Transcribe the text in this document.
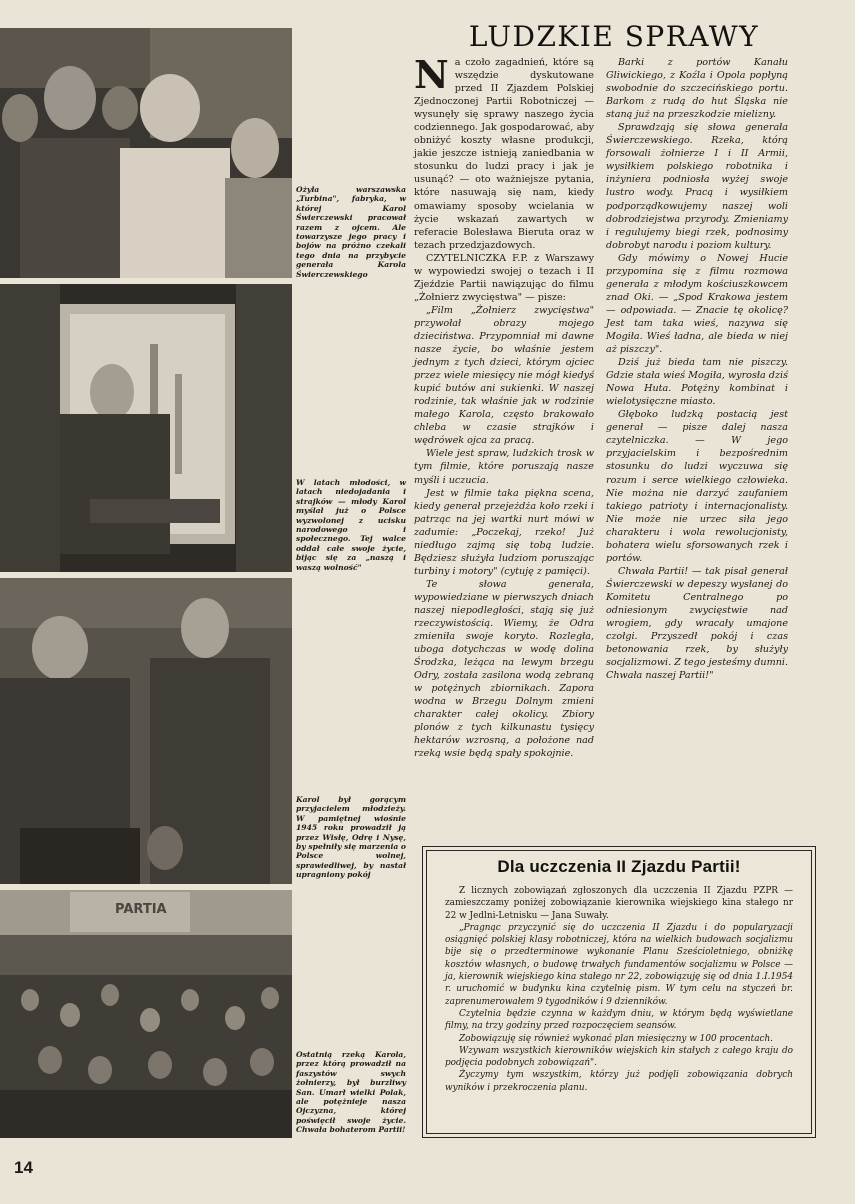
Ożyła warszawska „Turbina", fabryka, w której Karol Świerczewski pracował razem z ojcem. Ale towarzysze jego pracy i bojów na próżno czekali tego dnia na przybycie generała Karola Świerczewskiego

W latach młodości, w latach niedojadania i strajków — młody Karol myślał już o Polsce wyzwolonej z ucisku narodowego i społecznego. Tej walce oddał całe swoje życie, bijąc się za „naszą i waszą wolność"

Karol był gorącym przyjacielem młodzieży. W pamiętnej wiośnie 1945 roku prowadził ją przez Wisłę, Odrę i Nysę, by spełniły się marzenia o Polsce wolnej, sprawiedliwej, by nastał upragniony pokój

PARTIA

Ostatnią rzeką Karola, przez którą prowadził na faszystów swych żołnierzy, był burzliwy San. Umarł wielki Polak, ale potężnieje nasza Ojczyzna, której poświęcił swoje życie. Chwała bohaterom Partii!

LUDZKIE SPRAWY

Na czoło zagadnień, które są wszędzie dyskutowane przed II Zjazdem Polskiej Zjednoczonej Partii Robotniczej — wysunęły się sprawy naszego życia codziennego. Jak gospodarować, aby obniżyć koszty własne produkcji, jakie jeszcze istnieją zaniedbania w stosunku do ludzi pracy i jak je usunąć? — oto ważniejsze pytania, które nasuwają się nam, kiedy omawiamy sposoby wcielania w życie wskazań zawartych w referacie Bolesława Bieruta oraz w tezach przedzjazdowych.

CZYTELNICZKA F.P. z Warszawy w wypowiedzi swojej o tezach i II Zjeździe Partii nawiązując do filmu „Żołnierz zwycięstwa" — pisze:

„Film „Żołnierz zwycięstwa" przywołał obrazy mojego dzieciństwa. Przypomniał mi dawne nasze życie, bo właśnie jestem jednym z tych dzieci, którym ojciec przez wiele miesięcy nie mógł kiedyś kupić butów ani sukienki. W naszej rodzinie, tak właśnie jak w rodzinie małego Karola, często brakowało chleba w czasie strajków i wędrówek ojca za pracą.

Wiele jest spraw, ludzkich trosk w tym filmie, które poruszają nasze myśli i uczucia.

Jest w filmie taka piękna scena, kiedy generał przejeżdża koło rzeki i patrząc na jej wartki nurt mówi w zadumie: „Poczekaj, rzeko! Już niedługo zajmą się tobą ludzie. Będziesz służyła ludziom poruszając turbiny i motory" (cytuję z pamięci).

Te słowa generała, wypowiedziane w pierwszych dniach naszej niepodległości, stają się już rzeczywistością. Wiemy, że Odra zmieniła swoje koryto. Rozległa, uboga dotychczas w wodę dolina Środzka, leżąca na lewym brzegu Odry, została zasilona wodą zebraną w potężnych zbiornikach. Zapora wodna w Brzegu Dolnym zmieni charakter całej okolicy. Zbiory plonów z tych kilkunastu tysięcy hektarów wzrosną, a położone nad rzeką wsie będą spały spokojnie.

Barki z portów Kanału Gliwickiego, z Koźla i Opola popłyną swobodnie do szczecińskiego portu. Barkom z rudą do hut Śląska nie staną już na przeszkodzie mielizny.

Sprawdzają się słowa generała Świerczewskiego. Rzeka, którą forsowali żołnierze I i II Armii, wysiłkiem polskiego robotnika i inżyniera podniosła wyżej swoje lustro wody. Pracą i wysiłkiem podporządkowujemy naszej woli dobrodziejstwa przyrody. Zmieniamy i regulujemy biegi rzek, podnosimy dobrobyt narodu i poziom kultury.

Gdy mówimy o Nowej Hucie przypomina się z filmu rozmowa generała z młodym kościuszkowcem znad Oki. — „Spod Krakowa jestem — odpowiada. — Znacie tę okolicę? Jest tam taka wieś, nazywa się Mogiła. Wieś ładna, ale bieda w niej aż piszczy".

Dziś już bieda tam nie piszczy. Gdzie stała wieś Mogiła, wyrosła dziś Nowa Huta. Potężny kombinat i wielotysięczne miasto.

Głęboko ludzką postacią jest generał — pisze dalej nasza czytelniczka. — W jego przyjacielskim i bezpośrednim stosunku do ludzi wyczuwa się rozum i serce wielkiego człowieka. Nie można nie darzyć zaufaniem takiego patrioty i internacjonalisty. Nie może nie urzec siła jego charakteru i wola rewolucjonisty, bohatera wielu sforsowanych rzek i portów.

Chwała Partii! — tak pisał generał Świerczewski w depeszy wysłanej do Komitetu Centralnego po odniesionym zwycięstwie nad wrogiem, gdy wracały umajone czołgi. Przyszedł pokój i czas betonowania rzek, by służyły socjalizmowi. Z tego jesteśmy dumni. Chwała naszej Partii!"

Dla uczczenia II Zjazdu Partii!

Z licznych zobowiązań zgłoszonych dla uczczenia II Zjazdu PZPR — zamieszczamy poniżej zobowiązanie kierownika wiejskiego kina stałego nr 22 w Jedlni-Letnisku — Jana Suwały.

„Pragnąc przyczynić się do uczczenia II Zjazdu i do popularyzacji osiągnięć polskiej klasy robotniczej, która na wielkich budowach socjalizmu bije się o przedterminowe wykonanie Planu Sześcioletniego, obniżkę kosztów własnych, o budowę trwałych fundamentów socjalizmu w Polsce — ja, kierownik wiejskiego kina stałego nr 22, zobowiązuję się od dnia 1.I.1954 r. uruchomić w budynku kina czytelnię pism. W tym celu na styczeń br. zaprenumerowałem 9 tygodników i 9 dzienników.

Czytelnia będzie czynna w każdym dniu, w którym będą wyświetlane filmy, na trzy godziny przed rozpoczęciem seansów.

Zobowiązuję się również wykonać plan miesięczny w 100 procentach.

Wzywam wszystkich kierowników wiejskich kin stałych z całego kraju do podjęcia podobnych zobowiązań".

Życzymy tym wszystkim, którzy już podjęli zobowiązania dobrych wyników i przekroczenia planu.

14
